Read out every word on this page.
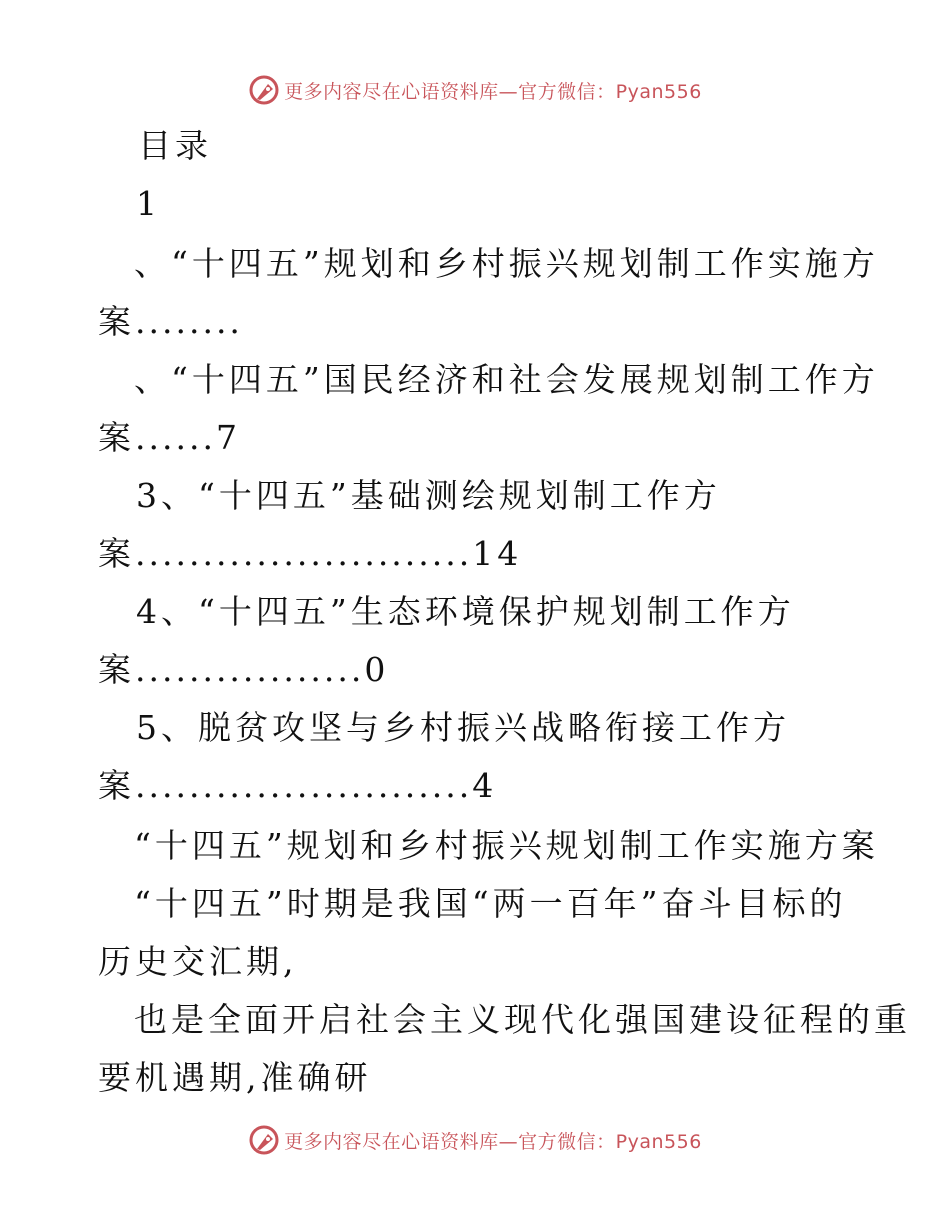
更多内容尽在心语资料库—官方微信：Pyan556
目录
1
、“十四五”规划和乡村振兴规划制工作实施方
案........
、“十四五”国民经济和社会发展规划制工作方
案......7
3、“十四五”基础测绘规划制工作方
案.........................14
4、“十四五”生态环境保护规划制工作方
案.................0
5、脱贫攻坚与乡村振兴战略衔接工作方
案.........................4
“十四五”规划和乡村振兴规划制工作实施方案
“十四五”时期是我国“两一百年”奋斗目标的
历史交汇期,
也是全面开启社会主义现代化强国建设征程的重
要机遇期,准确研
更多内容尽在心语资料库—官方微信：Pyan556
